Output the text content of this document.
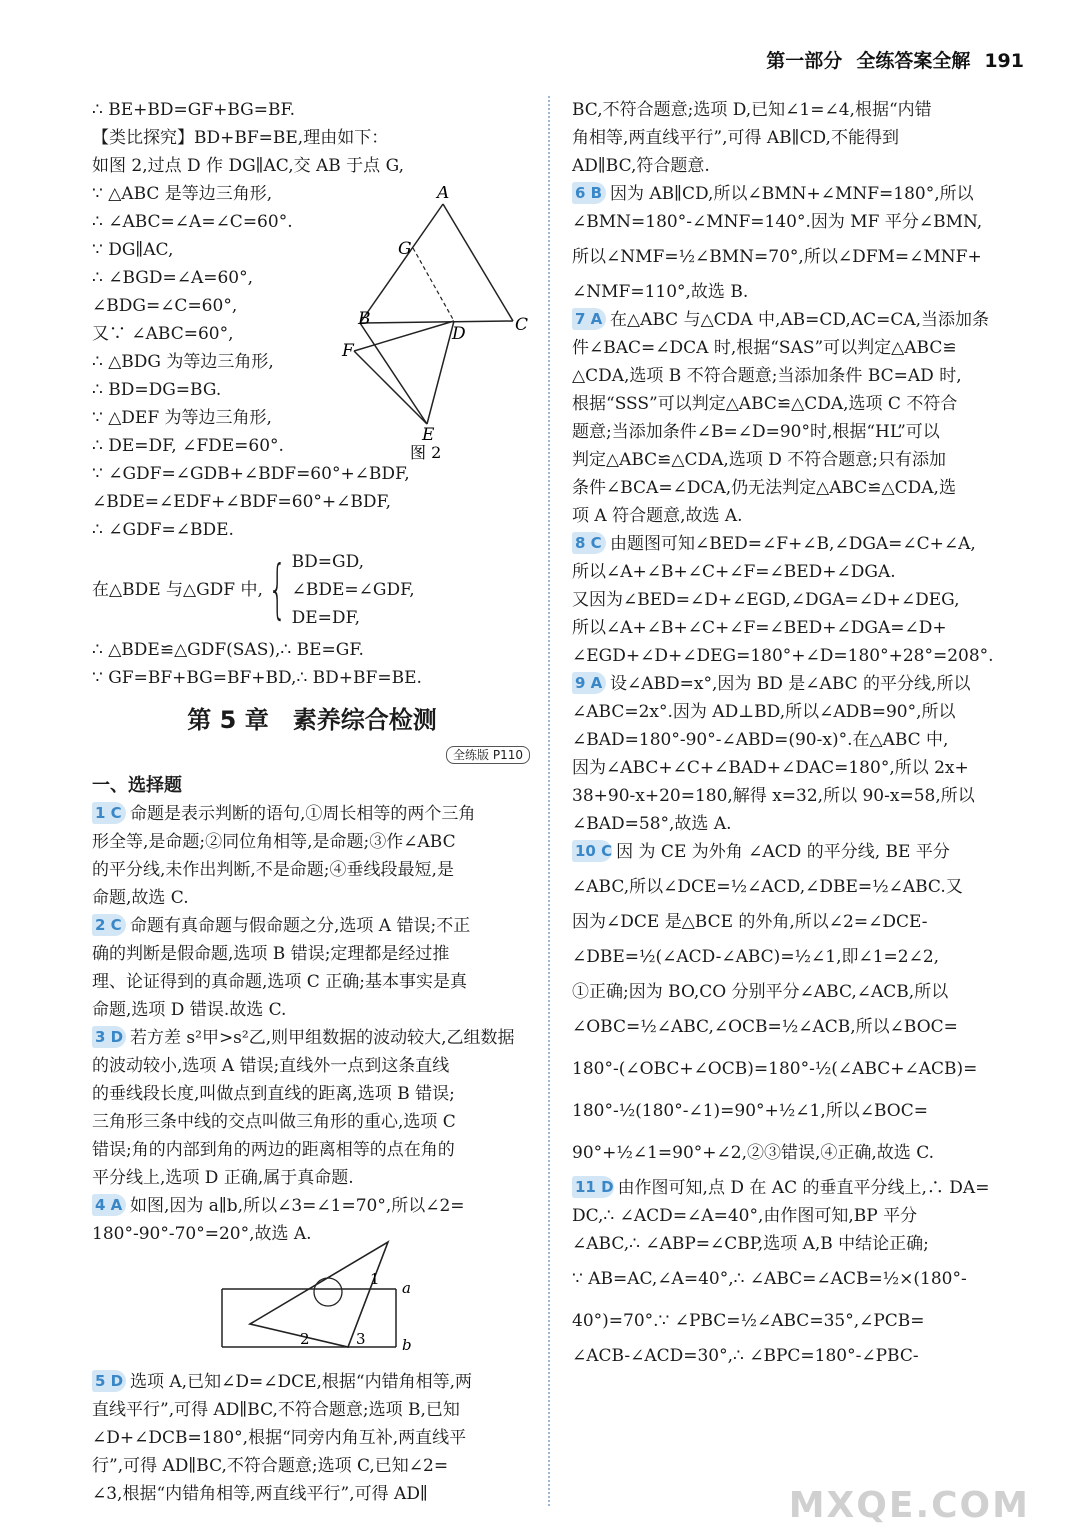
第一部分 全练答案全解 191
∴ BE+BD=GF+BG=BF.
【类比探究】BD+BF=BE,理由如下：
如图 2,过点 D 作 DG∥AC,交 AB 于点 G,
∵ △ABC 是等边三角形,
∴ ∠ABC=∠A=∠C=60°.
∵ DG∥AC,
∴ ∠BGD=∠A=60°,
∠BDG=∠C=60°,
又∵ ∠ABC=60°,
∴ △BDG 为等边三角形,
∴ BD=DG=BG.
∵ △DEF 为等边三角形,
∴ DE=DF, ∠FDE=60°.
∵ ∠GDF=∠GDB+∠BDF=60°+∠BDF,
∠BDE=∠EDF+∠BDF=60°+∠BDF,
∴ ∠GDF=∠BDE.
在△BDE 与△GDF 中, { BD=GD,
∠BDE=∠GDF,
DE=DF,
∴ △BDE≌△GDF(SAS),∴ BE=GF.
∵ GF=BF+BG=BF+BD,∴ BD+BF=BE.
第 5 章　素养综合检测
全练版 P110
一、选择题
1 C 命题是表示判断的语句,①周长相等的两个三角
形全等,是命题;②同位角相等,是命题;③作∠ABC
的平分线,未作出判断,不是命题;④垂线段最短,是
命题,故选 C.
2 C 命题有真命题与假命题之分,选项 A 错误;不正
确的判断是假命题,选项 B 错误;定理都是经过推
理、论证得到的真命题,选项 C 正确;基本事实是真
命题,选项 D 错误.故选 C.
3 D 若方差 s²甲>s²乙,则甲组数据的波动较大,乙组数据
的波动较小,选项 A 错误;直线外一点到这条直线
的垂线段长度,叫做点到直线的距离,选项 B 错误;
三角形三条中线的交点叫做三角形的重心,选项 C
错误;角的内部到角的两边的距离相等的点在角的
平分线上,选项 D 正确,属于真命题.
4 A 如图,因为 a∥b,所以∠3=∠1=70°,所以∠2=
180°-90°-70°=20°,故选 A.
5 D 选项 A,已知∠D=∠DCE,根据“内错角相等,两
直线平行”,可得 AD∥BC,不符合题意;选项 B,已知
∠D+∠DCB=180°,根据“同旁内角互补,两直线平
行”,可得 AD∥BC,不符合题意;选项 C,已知∠2=
∠3,根据“内错角相等,两直线平行”,可得 AD∥
A
G
B
D	C
F
E
图 2
1 a
2	3 b
BC,不符合题意;选项 D,已知∠1=∠4,根据“内错
角相等,两直线平行”,可得 AB∥CD,不能得到
AD∥BC,符合题意.
6 B 因为 AB∥CD,所以∠BMN+∠MNF=180°,所以
∠BMN=180°-∠MNF=140°.因为 MF 平分∠BMN,
所以∠NMF=½∠BMN=70°,所以∠DFM=∠MNF+
∠NMF=110°,故选 B.
7 A 在△ABC 与△CDA 中,AB=CD,AC=CA,当添加条
件∠BAC=∠DCA 时,根据“SAS”可以判定△ABC≌
△CDA,选项 B 不符合题意;当添加条件 BC=AD 时,
根据“SSS”可以判定△ABC≌△CDA,选项 C 不符合
题意;当添加条件∠B=∠D=90°时,根据“HL”可以
判定△ABC≌△CDA,选项 D 不符合题意;只有添加
条件∠BCA=∠DCA,仍无法判定△ABC≌△CDA,选
项 A 符合题意,故选 A.
8 C 由题图可知∠BED=∠F+∠B,∠DGA=∠C+∠A,
所以∠A+∠B+∠C+∠F=∠BED+∠DGA.
又因为∠BED=∠D+∠EGD,∠DGA=∠D+∠DEG,
所以∠A+∠B+∠C+∠F=∠BED+∠DGA=∠D+
∠EGD+∠D+∠DEG=180°+∠D=180°+28°=208°.
9 A 设∠ABD=x°,因为 BD 是∠ABC 的平分线,所以
∠ABC=2x°.因为 AD⊥BD,所以∠ADB=90°,所以
∠BAD=180°-90°-∠ABD=(90-x)°.在△ABC 中,
因为∠ABC+∠C+∠BAD+∠DAC=180°,所以 2x+
38+90-x+20=180,解得 x=32,所以 90-x=58,所以
∠BAD=58°,故选 A.
10 C 因 为 CE 为外角 ∠ACD 的平分线, BE 平分
∠ABC,所以∠DCE=½∠ACD,∠DBE=½∠ABC.又
因为∠DCE 是△BCE 的外角,所以∠2=∠DCE-
∠DBE=½(∠ACD-∠ABC)=½∠1,即∠1=2∠2,
①正确;因为 BO,CO 分别平分∠ABC,∠ACB,所以
∠OBC=½∠ABC,∠OCB=½∠ACB,所以∠BOC=
180°-(∠OBC+∠OCB)=180°-½(∠ABC+∠ACB)=
180°-½(180°-∠1)=90°+½∠1,所以∠BOC=
90°+½∠1=90°+∠2,②③错误,④正确,故选 C.
11 D 由作图可知,点 D 在 AC 的垂直平分线上,∴ DA=
DC,∴ ∠ACD=∠A=40°,由作图可知,BP 平分
∠ABC,∴ ∠ABP=∠CBP,选项 A,B 中结论正确;
∵ AB=AC,∠A=40°,∴ ∠ABC=∠ACB=½×(180°-
40°)=70°.∵ ∠PBC=½∠ABC=35°,∠PCB=
∠ACB-∠ACD=30°,∴ ∠BPC=180°-∠PBC-
MXQE.COM
